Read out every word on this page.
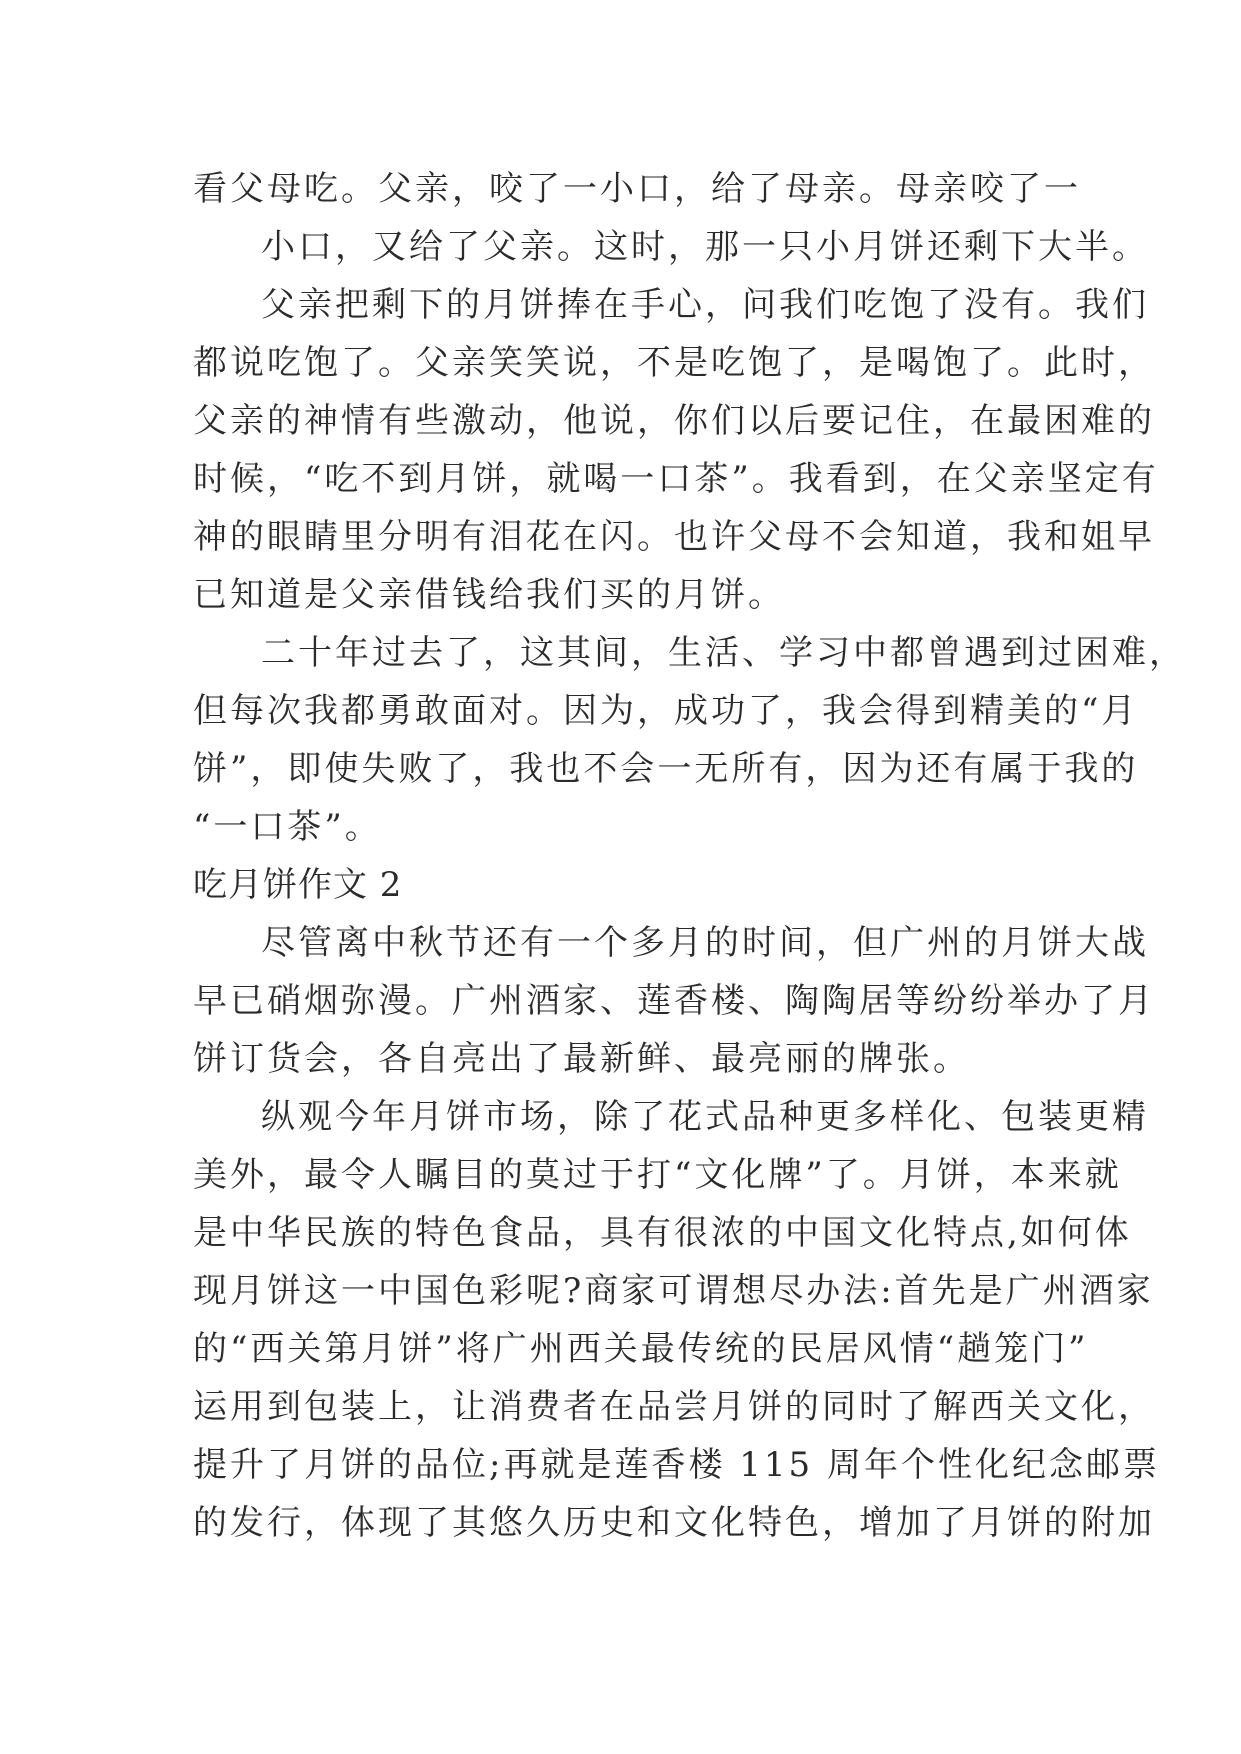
看父母吃。父亲，咬了一小口，给了母亲。母亲咬了一
小口，又给了父亲。这时，那一只小月饼还剩下大半。
父亲把剩下的月饼捧在手心，问我们吃饱了没有。我们
都说吃饱了。父亲笑笑说，不是吃饱了，是喝饱了。此时，
父亲的神情有些激动，他说，你们以后要记住，在最困难的
时候，“吃不到月饼，就喝一口茶”。我看到，在父亲坚定有
神的眼睛里分明有泪花在闪。也许父母不会知道，我和姐早
已知道是父亲借钱给我们买的月饼。
二十年过去了，这其间，生活、学习中都曾遇到过困难，
但每次我都勇敢面对。因为，成功了，我会得到精美的“月
饼”，即使失败了，我也不会一无所有，因为还有属于我的
“一口茶”。
吃月饼作文 2
尽管离中秋节还有一个多月的时间，但广州的月饼大战
早已硝烟弥漫。广州酒家、莲香楼、陶陶居等纷纷举办了月
饼订货会，各自亮出了最新鲜、最亮丽的牌张。
纵观今年月饼市场，除了花式品种更多样化、包装更精
美外，最令人瞩目的莫过于打“文化牌”了。月饼，本来就
是中华民族的特色食品，具有很浓的中国文化特点,如何体
现月饼这一中国色彩呢?商家可谓想尽办法:首先是广州酒家
的“西关第月饼”将广州西关最传统的民居风情“趟笼门”
运用到包装上，让消费者在品尝月饼的同时了解西关文化，
提升了月饼的品位;再就是莲香楼 115 周年个性化纪念邮票
的发行，体现了其悠久历史和文化特色，增加了月饼的附加
